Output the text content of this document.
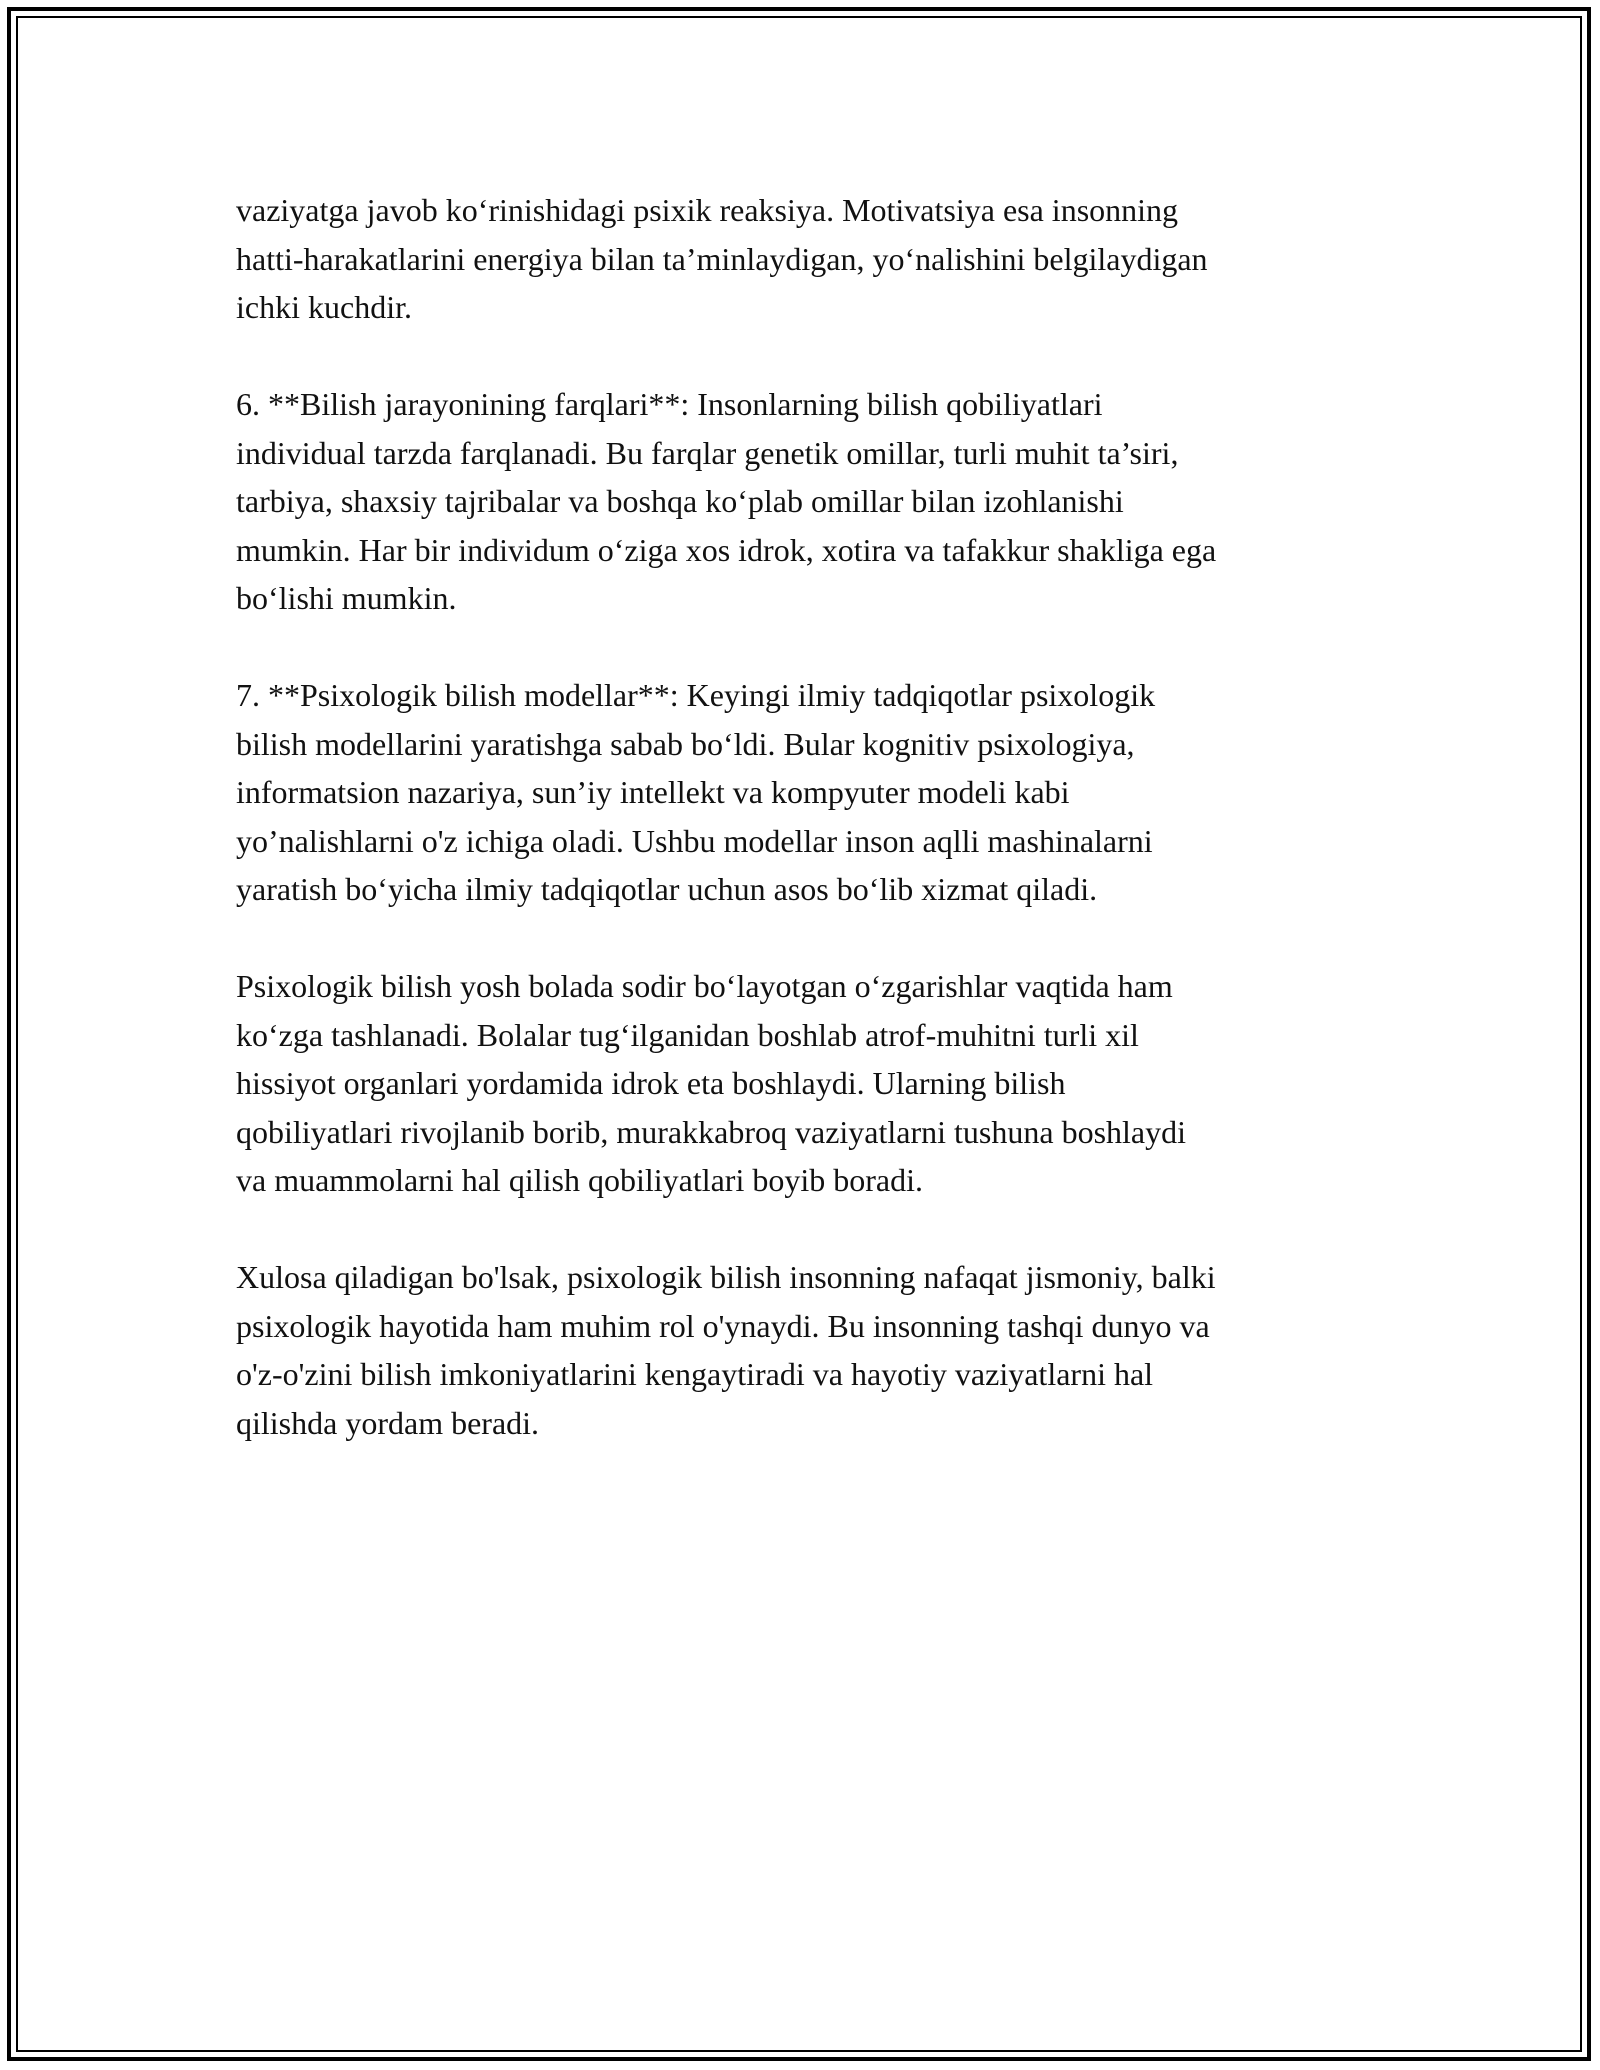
vaziyatga javob ko‘rinishidagi psixik reaksiya. Motivatsiya esa insonning
hatti-harakatlarini energiya bilan ta’minlaydigan, yo‘nalishini belgilaydigan
ichki kuchdir.

6. **Bilish jarayonining farqlari**: Insonlarning bilish qobiliyatlari
individual tarzda farqlanadi. Bu farqlar genetik omillar, turli muhit ta’siri,
tarbiya, shaxsiy tajribalar va boshqa ko‘plab omillar bilan izohlanishi
mumkin. Har bir individum o‘ziga xos idrok, xotira va tafakkur shakliga ega
bo‘lishi mumkin.

7. **Psixologik bilish modellar**: Keyingi ilmiy tadqiqotlar psixologik
bilish modellarini yaratishga sabab bo‘ldi. Bular kognitiv psixologiya,
informatsion nazariya, sun’iy intellekt va kompyuter modeli kabi
yo’nalishlarni o'z ichiga oladi. Ushbu modellar inson aqlli mashinalarni
yaratish bo‘yicha ilmiy tadqiqotlar uchun asos bo‘lib xizmat qiladi.

Psixologik bilish yosh bolada sodir bo‘layotgan o‘zgarishlar vaqtida ham
ko‘zga tashlanadi. Bolalar tug‘ilganidan boshlab atrof-muhitni turli xil
hissiyot organlari yordamida idrok eta boshlaydi. Ularning bilish
qobiliyatlari rivojlanib borib, murakkabroq vaziyatlarni tushuna boshlaydi
va muammolarni hal qilish qobiliyatlari boyib boradi.

Xulosa qiladigan bo'lsak, psixologik bilish insonning nafaqat jismoniy, balki
psixologik hayotida ham muhim rol o'ynaydi. Bu insonning tashqi dunyo va
o'z-o'zini bilish imkoniyatlarini kengaytiradi va hayotiy vaziyatlarni hal
qilishda yordam beradi.
